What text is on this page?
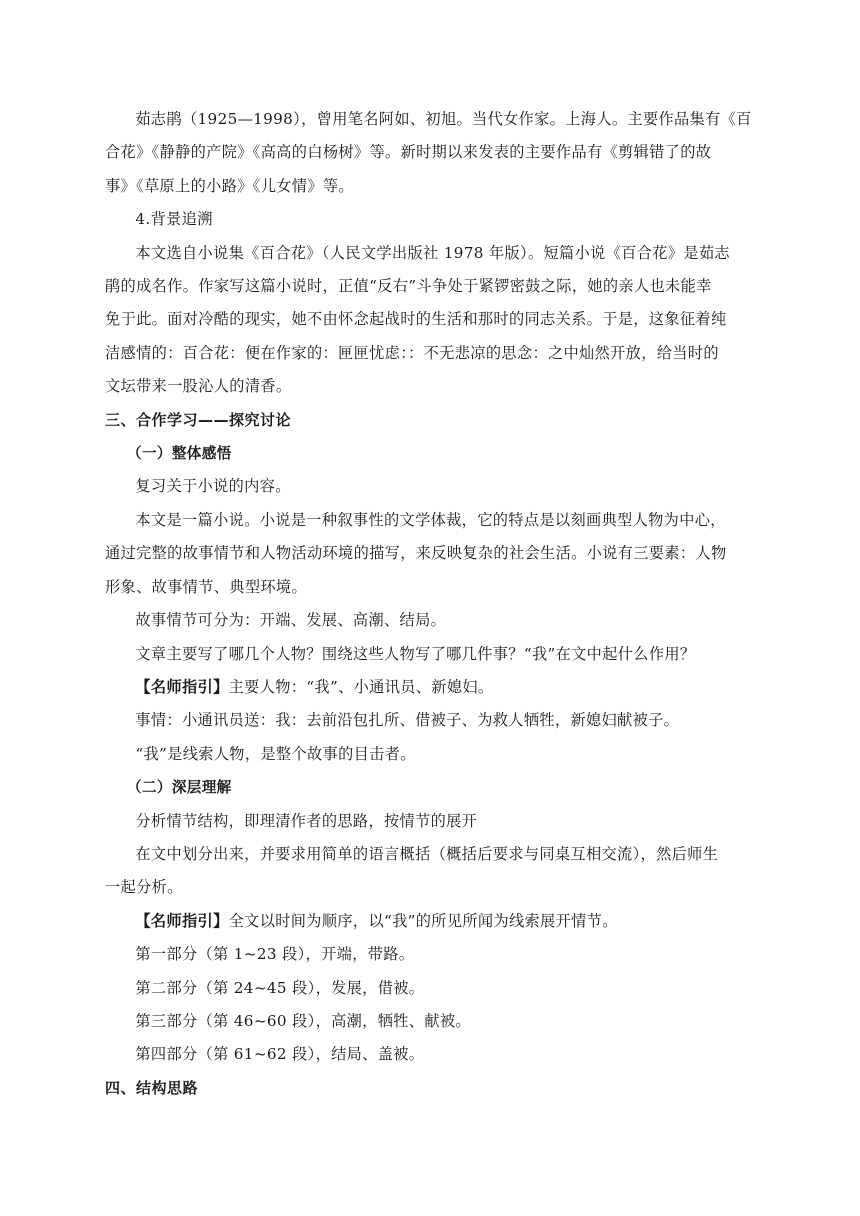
茹志鹃（1925—1998），曾用笔名阿如、初旭。当代女作家。上海人。主要作品集有《百
合花》《静静的产院》《高高的白杨树》等。新时期以来发表的主要作品有《剪辑错了的故
事》《草原上的小路》《儿女情》等。
4.背景追溯
本文选自小说集《百合花》（人民文学出版社 1978 年版）。短篇小说《百合花》是茹志
鹃的成名作。作家写这篇小说时，正值“反右”斗争处于紧锣密鼓之际，她的亲人也未能幸
免于此。面对冷酷的现实，她不由怀念起战时的生活和那时的同志关系。于是，这象征着纯
洁感情的：百合花：便在作家的：匣匣忧虑：：不无悲凉的思念：之中灿然开放，给当时的
文坛带来一股沁人的清香。
三、合作学习——探究讨论
（一）整体感悟
复习关于小说的内容。
本文是一篇小说。小说是一种叙事性的文学体裁，它的特点是以刻画典型人物为中心，
通过完整的故事情节和人物活动环境的描写，来反映复杂的社会生活。小说有三要素：人物
形象、故事情节、典型环境。
故事情节可分为：开端、发展、高潮、结局。
文章主要写了哪几个人物？围绕这些人物写了哪几件事？“我”在文中起什么作用？
【名师指引】主要人物：“我”、小通讯员、新媳妇。
事情：小通讯员送：我：去前沿包扎所、借被子、为救人牺牲，新媳妇献被子。
“我”是线索人物，是整个故事的目击者。
（二）深层理解
分析情节结构，即理清作者的思路，按情节的展开
在文中划分出来，并要求用简单的语言概括（概括后要求与同桌互相交流），然后师生
一起分析。
【名师指引】全文以时间为顺序，以“我”的所见所闻为线索展开情节。
第一部分（第 1~23 段），开端，带路。
第二部分（第 24~45 段），发展，借被。
第三部分（第 46~60 段），高潮，牺牲、献被。
第四部分（第 61~62 段），结局、盖被。
四、结构思路
